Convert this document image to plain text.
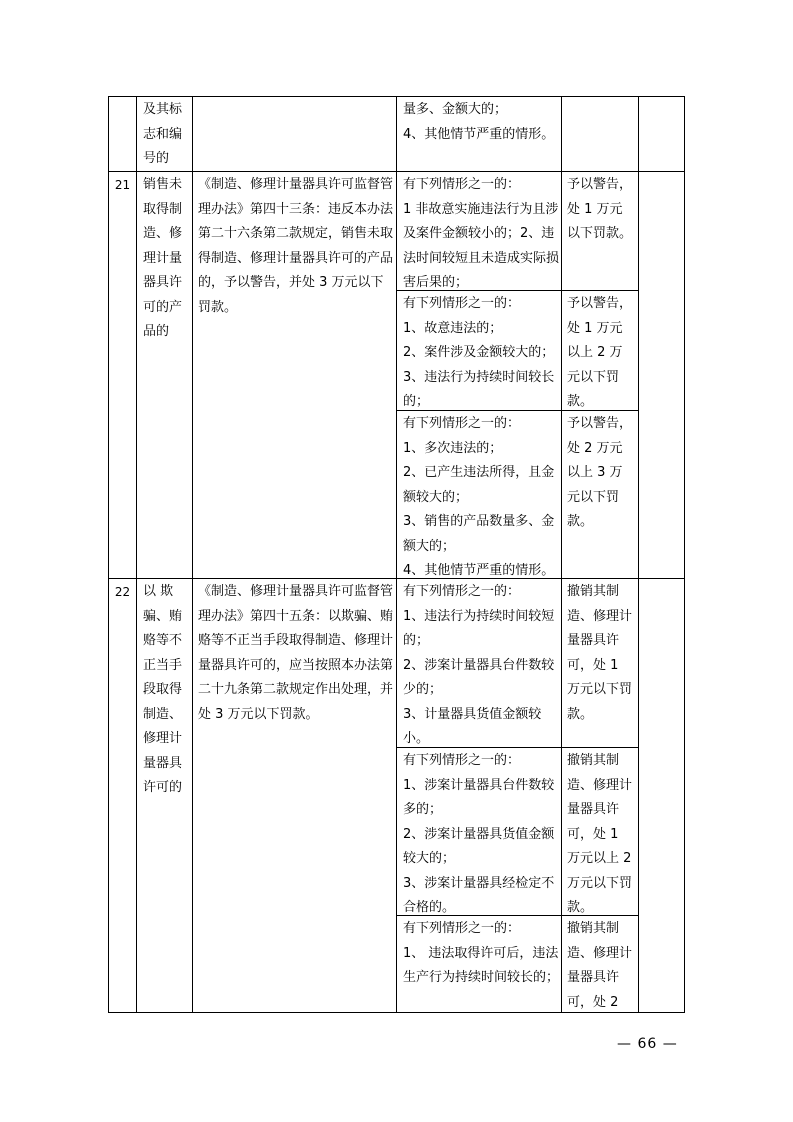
及其标志和编号的
量多、金额大的；
4、其他情节严重的情形。
21 销售未取得制造、修理计量器具许可的产品的
《制造、修理计量器具许可监督管理办法》第四十三条：违反本办法第二十六条第二款规定，销售未取得制造、修理计量器具许可的产品的，予以警告，并处 3 万元以下罚款。
有下列情形之一的：
1 非故意实施违法行为且涉及案件金额较小的；2、违法时间较短且未造成实际损害后果的；
予以警告，处 1 万元以下罚款。
有下列情形之一的：
1、故意违法的；
2、案件涉及金额较大的；
3、违法行为持续时间较长的；
予以警告，处 1 万元以上 2 万元以下罚款。
有下列情形之一的：
1、多次违法的；
2、已产生违法所得，且金额较大的；
3、销售的产品数量多、金额大的；
4、其他情节严重的情形。
予以警告，处 2 万元以上 3 万元以下罚款。
22 以 欺骗、贿赂等不正当手段取得制造、修理计量器具许可的
《制造、修理计量器具许可监督管理办法》第四十五条：以欺骗、贿赂等不正当手段取得制造、修理计量器具许可的，应当按照本办法第二十九条第二款规定作出处理，并处 3 万元以下罚款。
有下列情形之一的：
1、违法行为持续时间较短的；
2、涉案计量器具台件数较少的；
3、计量器具货值金额较小。
撤销其制造、修理计量器具许可，处 1 万元以下罚款。
有下列情形之一的：
1、涉案计量器具台件数较多的；
2、涉案计量器具货值金额较大的；
3、涉案计量器具经检定不合格的。
撤销其制造、修理计量器具许可，处 1 万元以上 2 万元以下罚款。
有下列情形之一的：
1、 违法取得许可后，违法生产行为持续时间较长的；
撤销其制造、修理计量器具许可，处 2
— 66 —
